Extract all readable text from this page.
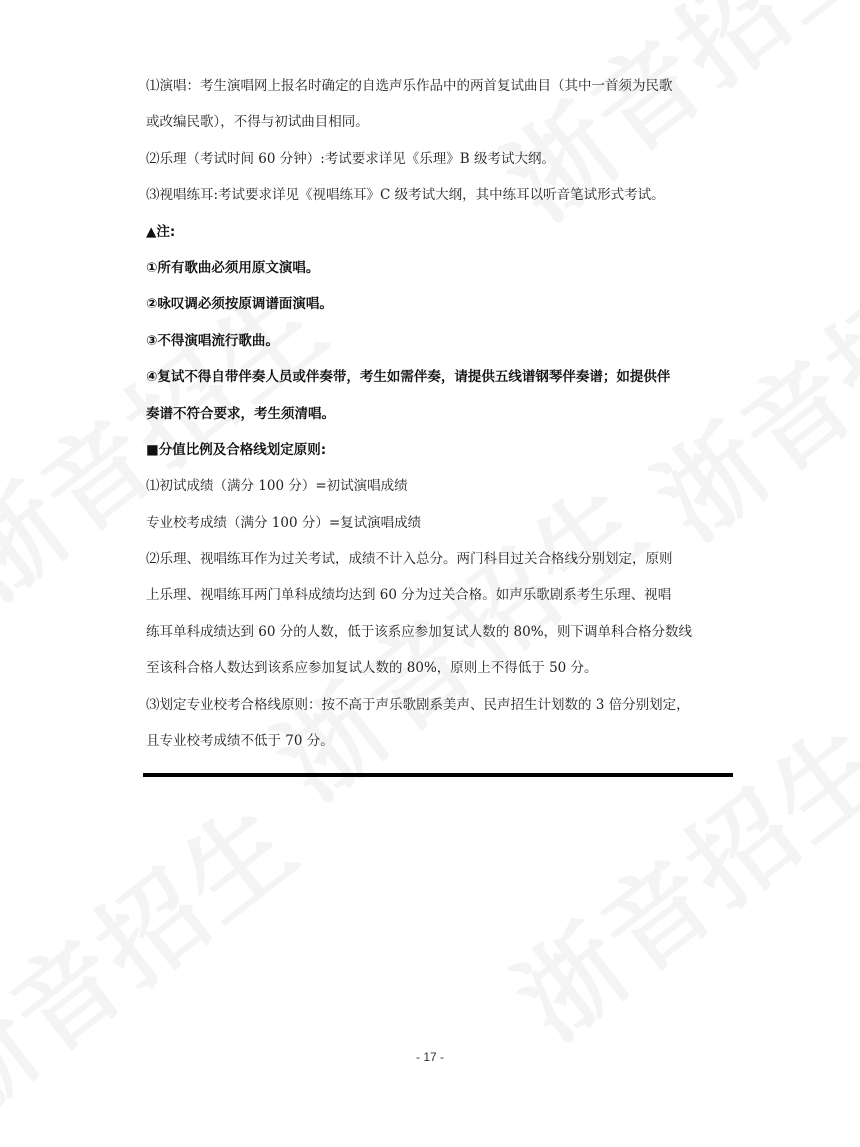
⑴演唱：考生演唱网上报名时确定的自选声乐作品中的两首复试曲目（其中一首须为民歌
或改编民歌），不得与初试曲目相同。
⑵乐理（考试时间 60 分钟）:考试要求详见《乐理》B 级考试大纲。
⑶视唱练耳:考试要求详见《视唱练耳》C 级考试大纲，其中练耳以听音笔试形式考试。
▲注:
①所有歌曲必须用原文演唱。
②咏叹调必须按原调谱面演唱。
③不得演唱流行歌曲。
④复试不得自带伴奏人员或伴奏带，考生如需伴奏，请提供五线谱钢琴伴奏谱；如提供伴
奏谱不符合要求，考生须清唱。
■分值比例及合格线划定原则:
⑴初试成绩（满分 100 分）=初试演唱成绩
专业校考成绩（满分 100 分）=复试演唱成绩
⑵乐理、视唱练耳作为过关考试，成绩不计入总分。两门科目过关合格线分别划定，原则
上乐理、视唱练耳两门单科成绩均达到 60 分为过关合格。如声乐歌剧系考生乐理、视唱
练耳单科成绩达到 60 分的人数，低于该系应参加复试人数的 80%，则下调单科合格分数线
至该科合格人数达到该系应参加复试人数的 80%，原则上不得低于 50 分。
⑶划定专业校考合格线原则：按不高于声乐歌剧系美声、民声招生计划数的 3 倍分别划定，
且专业校考成绩不低于 70 分。
- 17 -
